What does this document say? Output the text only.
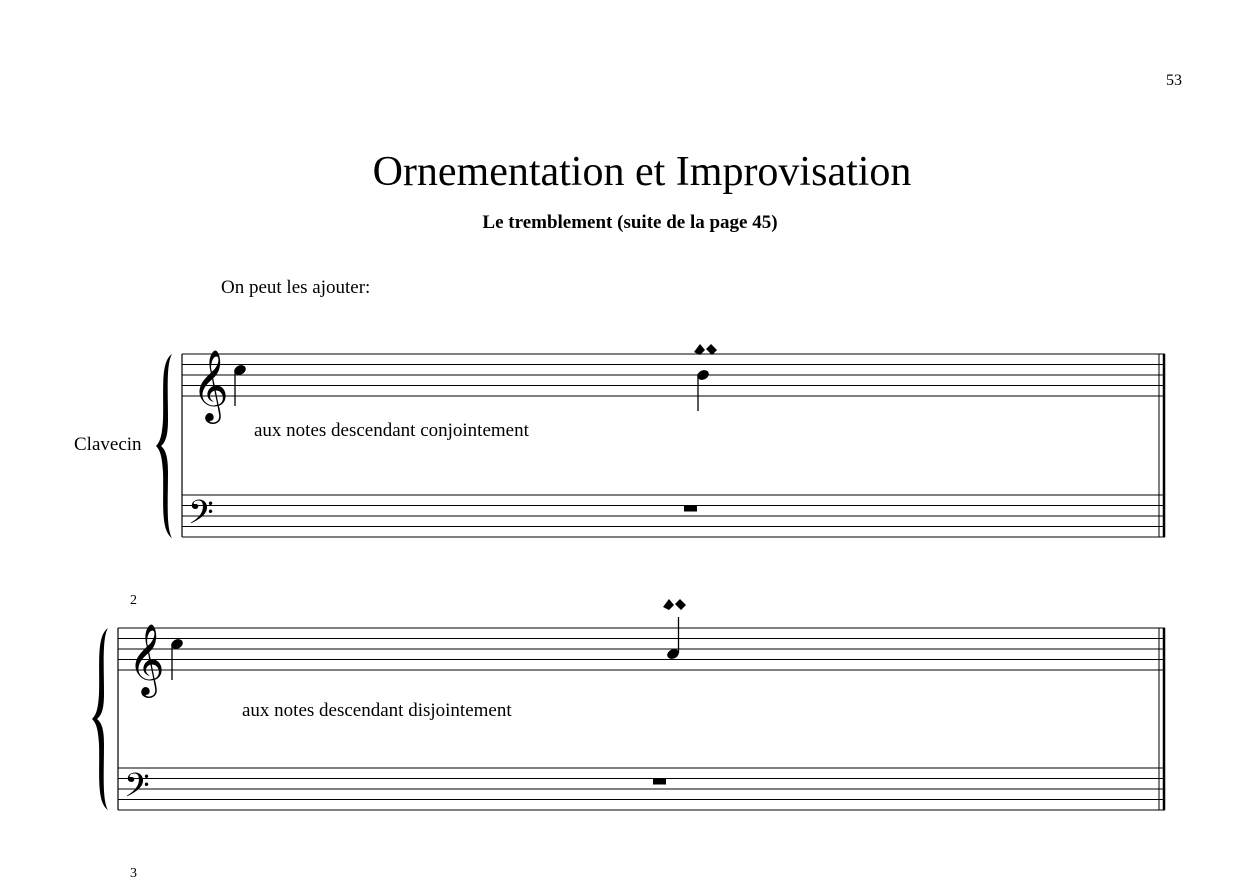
53
Ornementation et Improvisation
Le tremblement (suite de la page 45)
On peut les ajouter:
Clavecin
aux notes descendant conjointement
2
aux notes descendant disjointement
3
𝄞
𝄢
𝄞
𝄢
